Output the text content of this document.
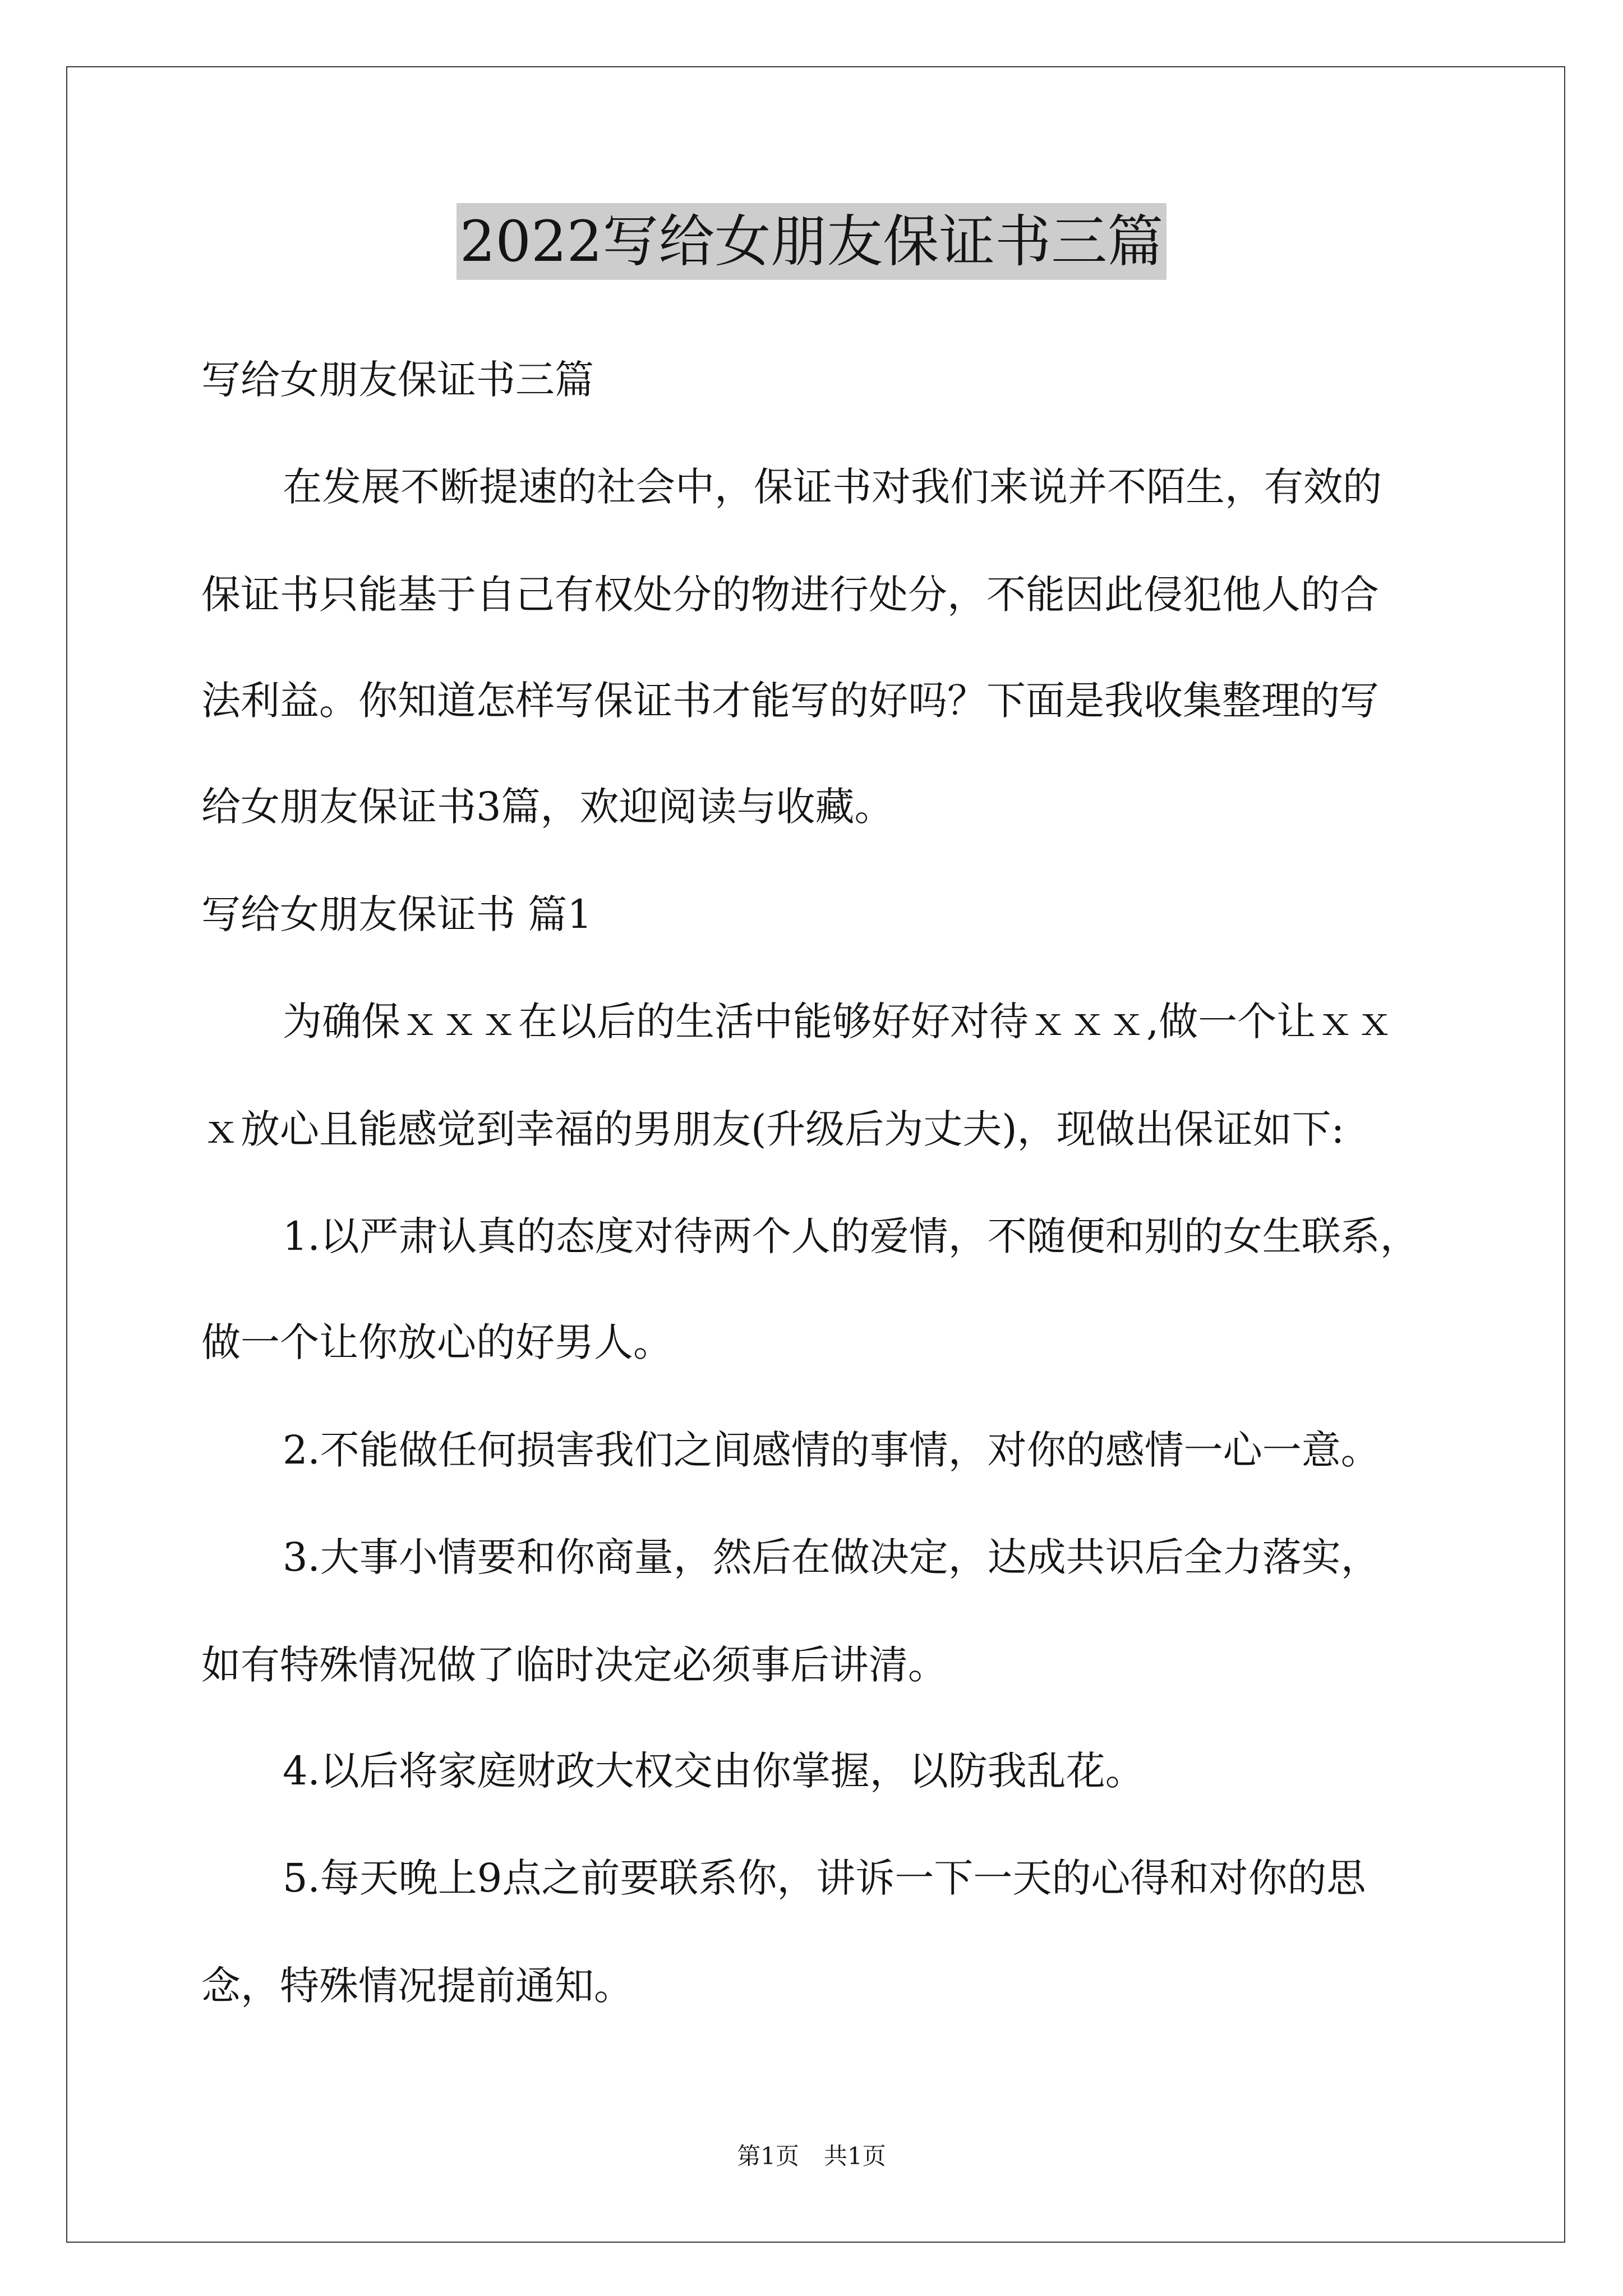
2022写给女朋友保证书三篇
写给女朋友保证书三篇
在发展不断提速的社会中，保证书对我们来说并不陌生，有效的
保证书只能基于自己有权处分的物进行处分，不能因此侵犯他人的合
法利益。你知道怎样写保证书才能写的好吗？下面是我收集整理的写
给女朋友保证书3篇，欢迎阅读与收藏。
写给女朋友保证书 篇1
为确保ｘｘｘ在以后的生活中能够好好对待ｘｘｘ,做一个让ｘｘ
ｘ放心且能感觉到幸福的男朋友(升级后为丈夫)，现做出保证如下:
1.以严肃认真的态度对待两个人的爱情，不随便和别的女生联系，
做一个让你放心的好男人。
2.不能做任何损害我们之间感情的事情，对你的感情一心一意。
3.大事小情要和你商量，然后在做决定，达成共识后全力落实，
如有特殊情况做了临时决定必须事后讲清。
4.以后将家庭财政大权交由你掌握，以防我乱花。
5.每天晚上9点之前要联系你，讲诉一下一天的心得和对你的思
念，特殊情况提前通知。
第1页 共1页
